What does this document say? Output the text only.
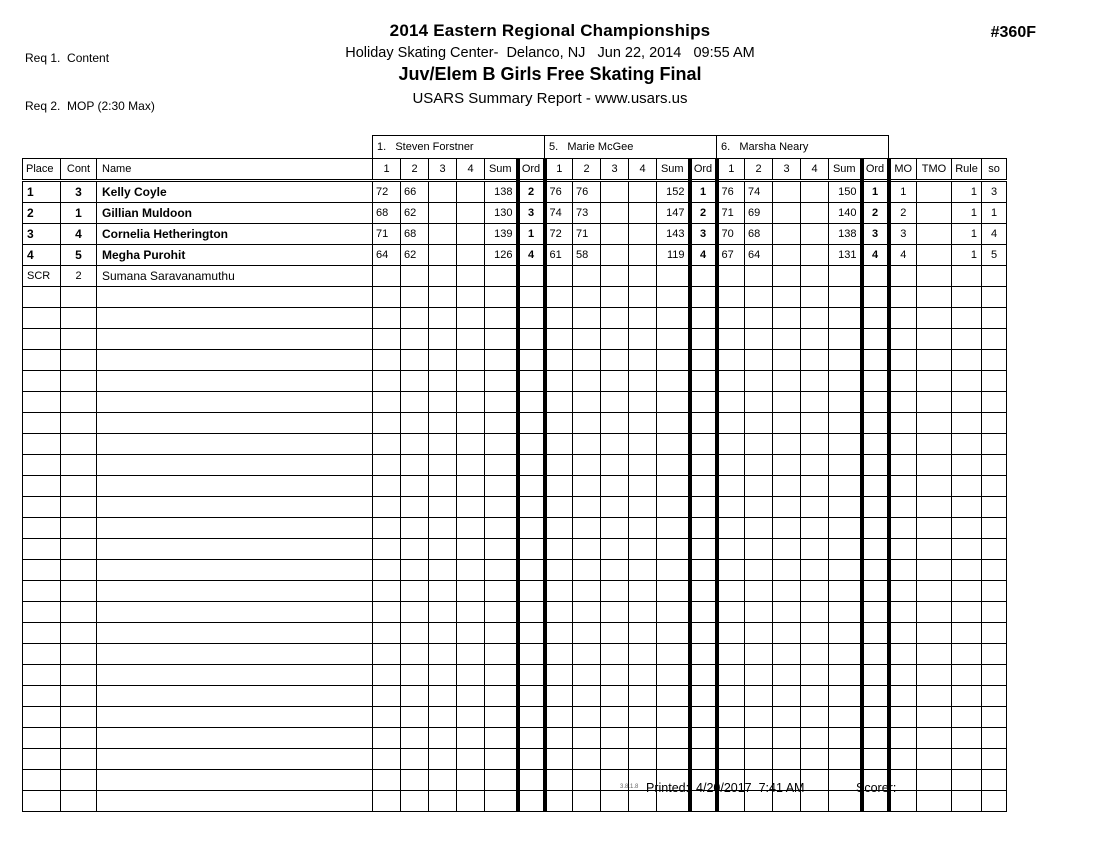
Req 1.  Content

Req 2.  MOP (2:30 Max)

2014 Eastern Regional Championships
Holiday Skating Center-  Delanco, NJ   Jun 22, 2014   09:55 AM
Juv/Elem B Girls Free Skating Final
USARS Summary Report - www.usars.us
#360F
			1.   Steven Forstner						5.   Marie McGee						6.   Marsha Neary									
Place	Cont	Name	1	2	3	4	Sum	Ord	1	2	3	4	Sum	Ord	1	2	3	4	Sum	Ord	MO	TMO	Rule	so
1	3	Kelly Coyle	72	66			138	2	76	76			152	1	76	74			150	1	1		1	3
2	1	Gillian Muldoon	68	62			130	3	74	73			147	2	71	69			140	2	2		1	1
3	4	Cornelia Hetherington	71	68			139	1	72	71			143	3	70	68			138	3	3		1	4
4	5	Megha Purohit	64	62			126	4	61	58			119	4	67	64			131	4	4		1	5
SCR	2	Sumana Saravanamuthu																						

3.8.1.8 Printed:  4/20/2017  7:41 AM	Scorer:
